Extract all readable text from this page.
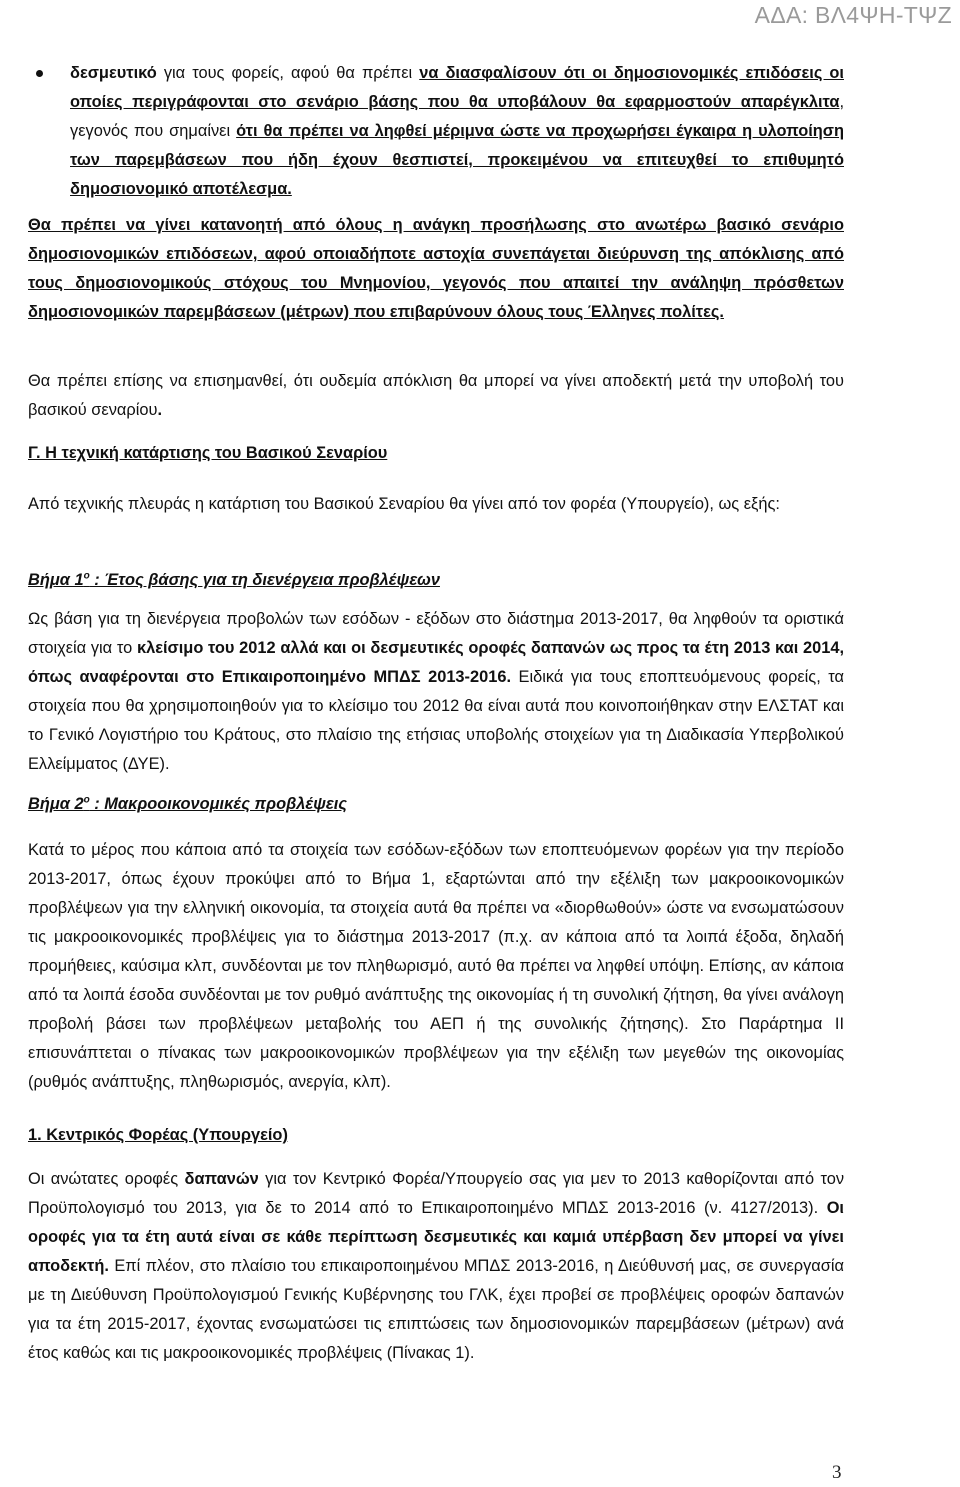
ΑΔΑ: ΒΛ4ΨΗ-ΤΨΖ

δεσμευτικό για τους φορείς, αφού θα πρέπει να διασφαλίσουν ότι οι δημοσιονομικές επιδόσεις οι οποίες περιγράφονται στο σενάριο βάσης που θα υποβάλουν θα εφαρμοστούν απαρέγκλιτα, γεγονός που σημαίνει ότι θα πρέπει να ληφθεί μέριμνα ώστε να προχωρήσει έγκαιρα η υλοποίηση των παρεμβάσεων που ήδη έχουν θεσπιστεί, προκειμένου να επιτευχθεί το επιθυμητό δημοσιονομικό αποτέλεσμα.

Θα πρέπει να γίνει κατανοητή από όλους η ανάγκη προσήλωσης στο ανωτέρω βασικό σενάριο δημοσιονομικών επιδόσεων, αφού οποιαδήποτε αστοχία συνεπάγεται διεύρυνση της απόκλισης από τους δημοσιονομικούς στόχους του Μνημονίου, γεγονός που απαιτεί την ανάληψη πρόσθετων δημοσιονομικών παρεμβάσεων (μέτρων) που επιβαρύνουν όλους τους Έλληνες πολίτες.

Θα πρέπει επίσης να επισημανθεί, ότι ουδεμία απόκλιση θα μπορεί να γίνει αποδεκτή μετά την υποβολή του βασικού σεναρίου.

Γ. Η τεχνική κατάρτισης του Βασικού Σεναρίου

Από τεχνικής πλευράς η κατάρτιση του Βασικού Σεναρίου θα γίνει από τον φορέα (Υπουργείο), ως εξής:

Βήμα $1^o$ : Έτος βάσης για τη διενέργεια προβλέψεων

Ως βάση για τη διενέργεια προβολών των εσόδων - εξόδων στο διάστημα 2013-2017, θα ληφθούν τα οριστικά στοιχεία για το κλείσιμο του 2012 αλλά και οι δεσμευτικές οροφές δαπανών ως προς τα έτη 2013 και 2014, όπως αναφέρονται στο Επικαιροποιημένο ΜΠΔΣ 2013-2016. Ειδικά για τους εποπτευόμενους φορείς, τα στοιχεία που θα χρησιμοποιηθούν για το κλείσιμο του 2012 θα είναι αυτά που κοινοποιήθηκαν στην ΕΛΣΤΑΤ και το Γενικό Λογιστήριο του Κράτους, στο πλαίσιο της ετήσιας υποβολής στοιχείων για τη Διαδικασία Υπερβολικού Ελλείμματος (ΔΥΕ).

Βήμα $2^o$ : Μακροοικονομικές προβλέψεις

Κατά το μέρος που κάποια από τα στοιχεία των εσόδων-εξόδων των εποπτευόμενων φορέων για την περίοδο 2013-2017, όπως έχουν προκύψει από το Βήμα 1, εξαρτώνται από την εξέλιξη των μακροοικονομικών προβλέψεων για την ελληνική οικονομία, τα στοιχεία αυτά θα πρέπει να «διορθωθούν» ώστε να ενσωματώσουν τις μακροοικονομικές προβλέψεις για το διάστημα 2013-2017 (π.χ. αν κάποια από τα λοιπά έξοδα, δηλαδή προμήθειες, καύσιμα κλπ, συνδέονται με τον πληθωρισμό, αυτό θα πρέπει να ληφθεί υπόψη. Επίσης, αν κάποια από τα λοιπά έσοδα συνδέονται με τον ρυθμό ανάπτυξης της οικονομίας ή τη συνολική ζήτηση, θα γίνει ανάλογη προβολή βάσει των προβλέψεων μεταβολής του ΑΕΠ ή της συνολικής ζήτησης). Στο Παράρτημα ΙΙ επισυνάπτεται ο πίνακας των μακροοικονομικών προβλέψεων για την εξέλιξη των μεγεθών της οικονομίας (ρυθμός ανάπτυξης, πληθωρισμός, ανεργία, κλπ).

1. Κεντρικός Φορέας (Υπουργείο)

Οι ανώτατες οροφές δαπανών για τον Κεντρικό Φορέα/Υπουργείο σας για μεν το 2013 καθορίζονται από τον Προϋπολογισμό του 2013, για δε το 2014 από το Επικαιροποιημένο ΜΠΔΣ 2013-2016 (ν. 4127/2013). Οι οροφές για τα έτη αυτά είναι σε κάθε περίπτωση δεσμευτικές και καμιά υπέρβαση δεν μπορεί να γίνει αποδεκτή. Επί πλέον, στο πλαίσιο του επικαιροποιημένου ΜΠΔΣ 2013-2016, η Διεύθυνσή μας, σε συνεργασία με τη Διεύθυνση Προϋπολογισμού Γενικής Κυβέρνησης του ΓΛΚ, έχει προβεί σε προβλέψεις οροφών δαπανών για τα έτη 2015-2017, έχοντας ενσωματώσει τις επιπτώσεις των δημοσιονομικών παρεμβάσεων (μέτρων) ανά έτος καθώς και τις μακροοικονομικές προβλέψεις (Πίνακας 1).

3
